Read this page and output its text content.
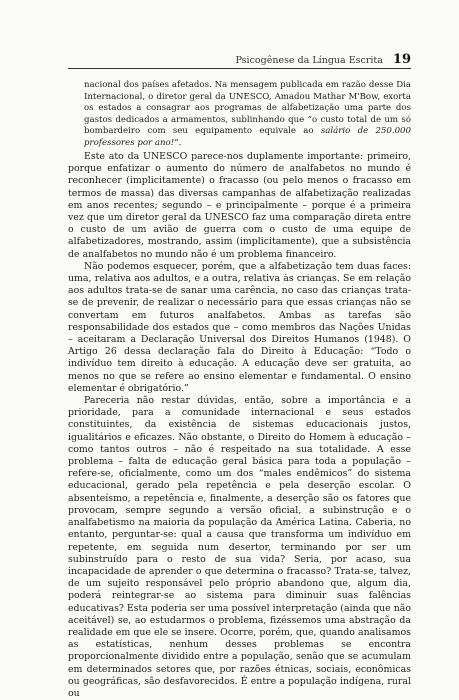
Psicogênese da Língua Escrita 19

nacional dos países afetados. Na mensagem publicada em razão desse Dia Internacional, o diretor geral da UNESCO, Amadou Mathar M'Bow, exorta os estados a consagrar aos programas de alfabetização uma parte dos gastos dedicados a armamentos, sublinhando que “o custo total de um só bombardeiro com seu equipamento equivale ao salário de 250.000 professores por ano!”.

Este ato da UNESCO parece-nos duplamente importante: primeiro, porque enfatizar o aumento do número de analfabetos no mundo é reconhecer (implicitamente) o fracasso (ou pelo menos o fracasso em termos de massa) das diversas campanhas de alfabetização realizadas em anos recentes; segundo – e principalmente – porque é a primeira vez que um diretor geral da UNESCO faz uma comparação direta entre o custo de um avião de guerra com o custo de uma equipe de alfabetizadores, mostrando, assim (implicitamente), que a subsistência de analfabetos no mundo não é um problema financeiro.

Não podemos esquecer, porém, que a alfabetização tem duas faces: uma, relativa aos adultos, e a outra, relativa às crianças. Se em relação aos adultos trata-se de sanar uma carência, no caso das crianças trata-se de prevenir, de realizar o necessário para que essas crianças não se convertam em futuros analfabetos. Ambas as tarefas são responsabilidade dos estados que – como membros das Nações Unidas – aceitaram a Declaração Universal dos Direitos Humanos (1948). O Artigo 26 dessa declaração fala do Direito à Educação: “Todo o indivíduo tem direito à educação. A educação deve ser gratuita, ao menos no que se refere ao ensino elementar e fundamental. O ensino elementar é obrigatório.”

Pareceria não restar dúvidas, então, sobre a importância e a prioridade, para a comunidade internacional e seus estados constituintes, da existência de sistemas educacionais justos, igualitários e eficazes. Não obstante, o Direito do Homem à educação – como tantos outros – não é respeitado na sua totalidade. A esse problema – falta de educação geral básica para toda a população – refere-se, oficialmente, como um dos “males endêmicos” do sistema educacional, gerado pela repetência e pela deserção escolar. O absenteísmo, a repetência e, finalmente, a deserção são os fatores que provocam, sempre segundo a versão oficial, a subinstrução e o analfabetismo na maioria da população da América Latina. Caberia, no entanto, perguntar-se: qual a causa que transforma um indivíduo em repetente, em seguida num desertor, terminando por ser um subinstruído para o resto de sua vida? Seria, por acaso, sua incapacidade de aprender o que determina o fracasso? Trata-se, talvez, de um sujeito responsável pelo próprio abandono que, algum dia, poderá reintegrar-se ao sistema para diminuir suas falências educativas? Esta poderia ser uma possível interpretação (ainda que não aceitável) se, ao estudarmos o problema, fizéssemos uma abstração da realidade em que ele se insere. Ocorre, porém, que, quando analisamos as estatísticas, nenhum desses problemas se encontra proporcionalmente dividido entre a população, senão que se acumulam em determinados setores que, por razões étnicas, sociais, econômicas ou geográficas, são desfavorecidos. É entre a população indígena, rural ou
